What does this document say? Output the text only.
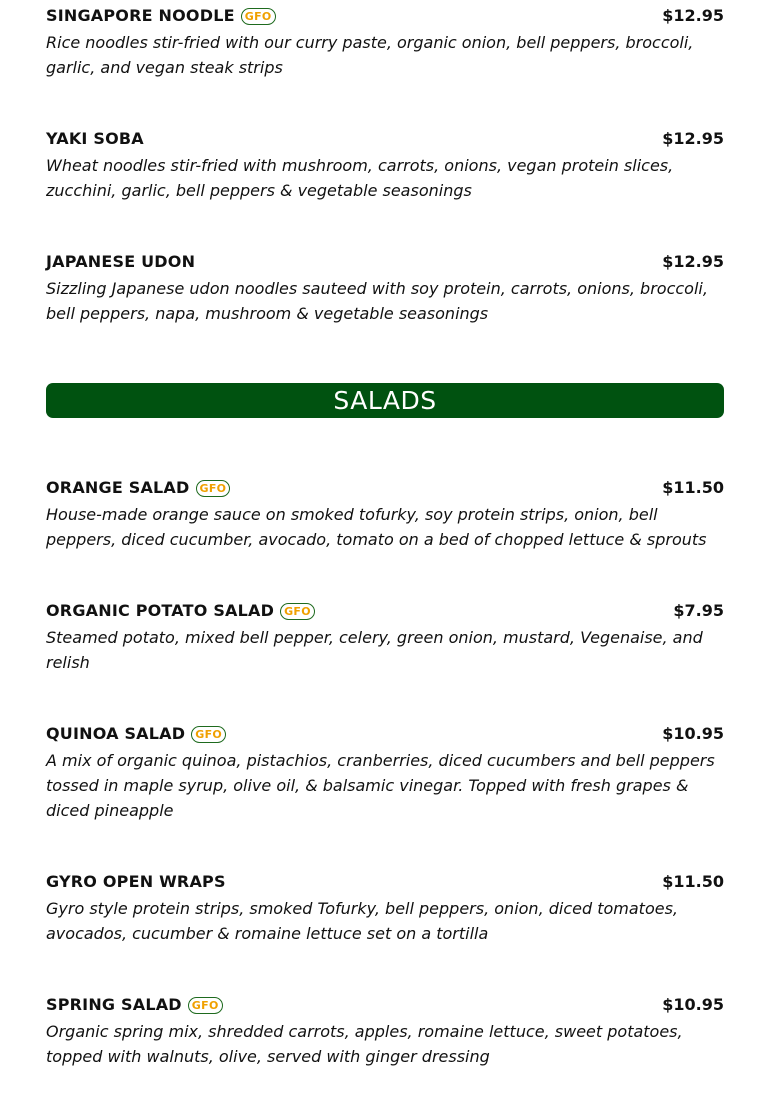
SINGAPORE NOODLE GFO	$12.95
Rice noodles stir-fried with our curry paste, organic onion, bell peppers, broccoli, garlic, and vegan steak strips
YAKI SOBA	$12.95
Wheat noodles stir-fried with mushroom, carrots, onions, vegan protein slices, zucchini, garlic, bell peppers & vegetable seasonings
JAPANESE UDON	$12.95
Sizzling Japanese udon noodles sauteed with soy protein, carrots, onions, broccoli, bell peppers, napa, mushroom & vegetable seasonings
SALADS
ORANGE SALAD GFO	$11.50
House-made orange sauce on smoked tofurky, soy protein strips, onion, bell peppers, diced cucumber, avocado, tomato on a bed of chopped lettuce & sprouts
ORGANIC POTATO SALAD GFO	$7.95
Steamed potato, mixed bell pepper, celery, green onion, mustard, Vegenaise, and relish
QUINOA SALAD GFO	$10.95
A mix of organic quinoa, pistachios, cranberries, diced cucumbers and bell peppers tossed in maple syrup, olive oil, & balsamic vinegar. Topped with fresh grapes & diced pineapple
GYRO OPEN WRAPS	$11.50
Gyro style protein strips, smoked Tofurky, bell peppers, onion, diced tomatoes, avocados, cucumber & romaine lettuce set on a tortilla
SPRING SALAD GFO	$10.95
Organic spring mix, shredded carrots, apples, romaine lettuce, sweet potatoes, topped with walnuts, olive, served with ginger dressing
